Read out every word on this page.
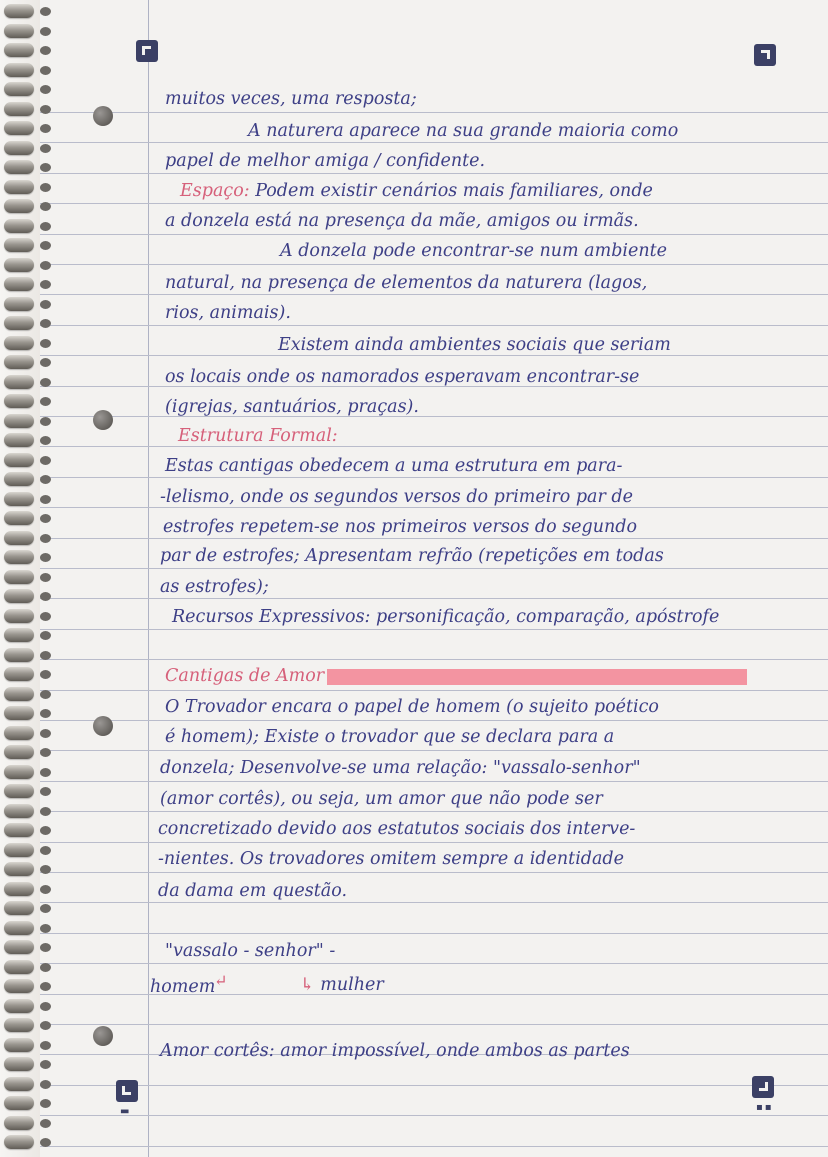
▬	▪▪
muitos veces, uma resposta;
A naturera aparece na sua grande maioria como
papel de melhor amiga / confidente.
Espaço: Podem existir cenários mais familiares, onde
a donzela está na presença da mãe, amigos ou irmãs.
A donzela pode encontrar-se num ambiente
natural, na presença de elementos da naturera (lagos,
rios, animais).
Existem ainda ambientes sociais que seriam
os locais onde os namorados esperavam encontrar-se
(igrejas, santuários, praças).
Estrutura Formal:
Estas cantigas obedecem a uma estrutura em para-
-lelismo, onde os segundos versos do primeiro par de
estrofes repetem-se nos primeiros versos do segundo
par de estrofes; Apresentam refrão (repetições em todas
as estrofes);
Recursos Expressivos: personificação, comparação, apóstrofe
Cantigas de Amor
O Trovador encara o papel de homem (o sujeito poético
é homem); Existe o trovador que se declara para a
donzela; Desenvolve-se uma relação: "vassalo-senhor"
(amor cortês), ou seja, um amor que não pode ser
concretizado devido aos estatutos sociais dos interve-
-nientes. Os trovadores omitem sempre a identidade
da dama em questão.
"vassalo - senhor" -
homem
↵	↳ mulher
Amor cortês: amor impossível, onde ambos as partes
